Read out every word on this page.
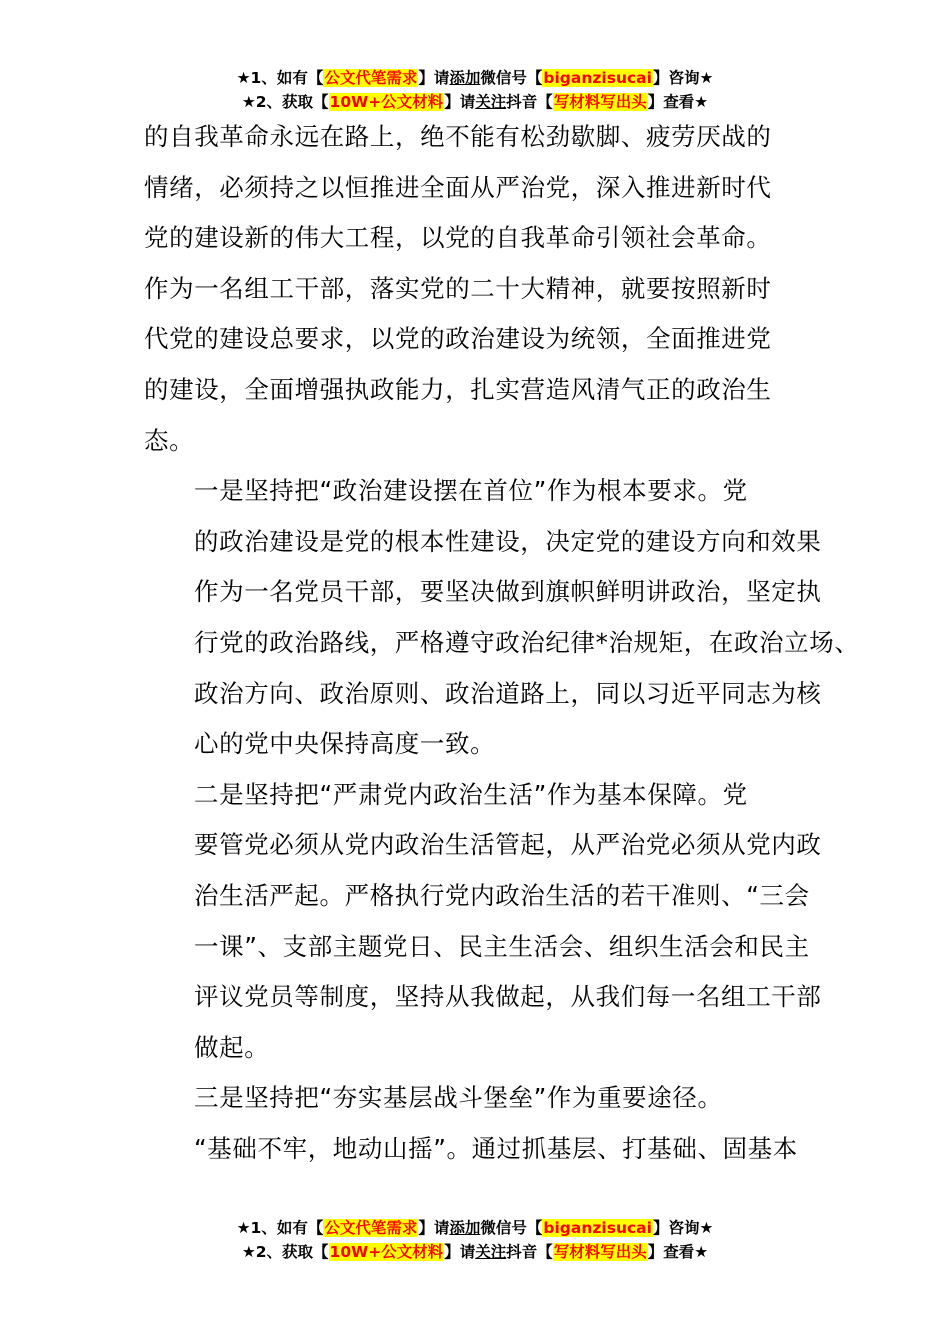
★1、如有【公文代笔需求】请添加微信号【biganzisucai】咨询★
★2、获取【10W+公文材料】请关注抖音【写材料写出头】查看★

的自我革命永远在路上，绝不能有松劲歇脚、疲劳厌战的
情绪，必须持之以恒推进全面从严治党，深入推进新时代
党的建设新的伟大工程，以党的自我革命引领社会革命。
作为一名组工干部，落实党的二十大精神，就要按照新时
代党的建设总要求，以党的政治建设为统领，全面推进党
的建设，全面增强执政能力，扎实营造风清气正的政治生
态。

一是坚持把“政治建设摆在首位”作为根本要求。党
的政治建设是党的根本性建设，决定党的建设方向和效果
作为一名党员干部，要坚决做到旗帜鲜明讲政治，坚定执
行党的政治路线，严格遵守政治纪律*治规矩，在政治立场、
政治方向、政治原则、政治道路上，同以习近平同志为核
心的党中央保持高度一致。

二是坚持把“严肃党内政治生活”作为基本保障。党
要管党必须从党内政治生活管起，从严治党必须从党内政
治生活严起。严格执行党内政治生活的若干准则、“三会
一课”、支部主题党日、民主生活会、组织生活会和民主
评议党员等制度，坚持从我做起，从我们每一名组工干部
做起。

三是坚持把“夯实基层战斗堡垒”作为重要途径。
“基础不牢，地动山摇”。通过抓基层、打基础、固基本

★1、如有【公文代笔需求】请添加微信号【biganzisucai】咨询★
★2、获取【10W+公文材料】请关注抖音【写材料写出头】查看★
